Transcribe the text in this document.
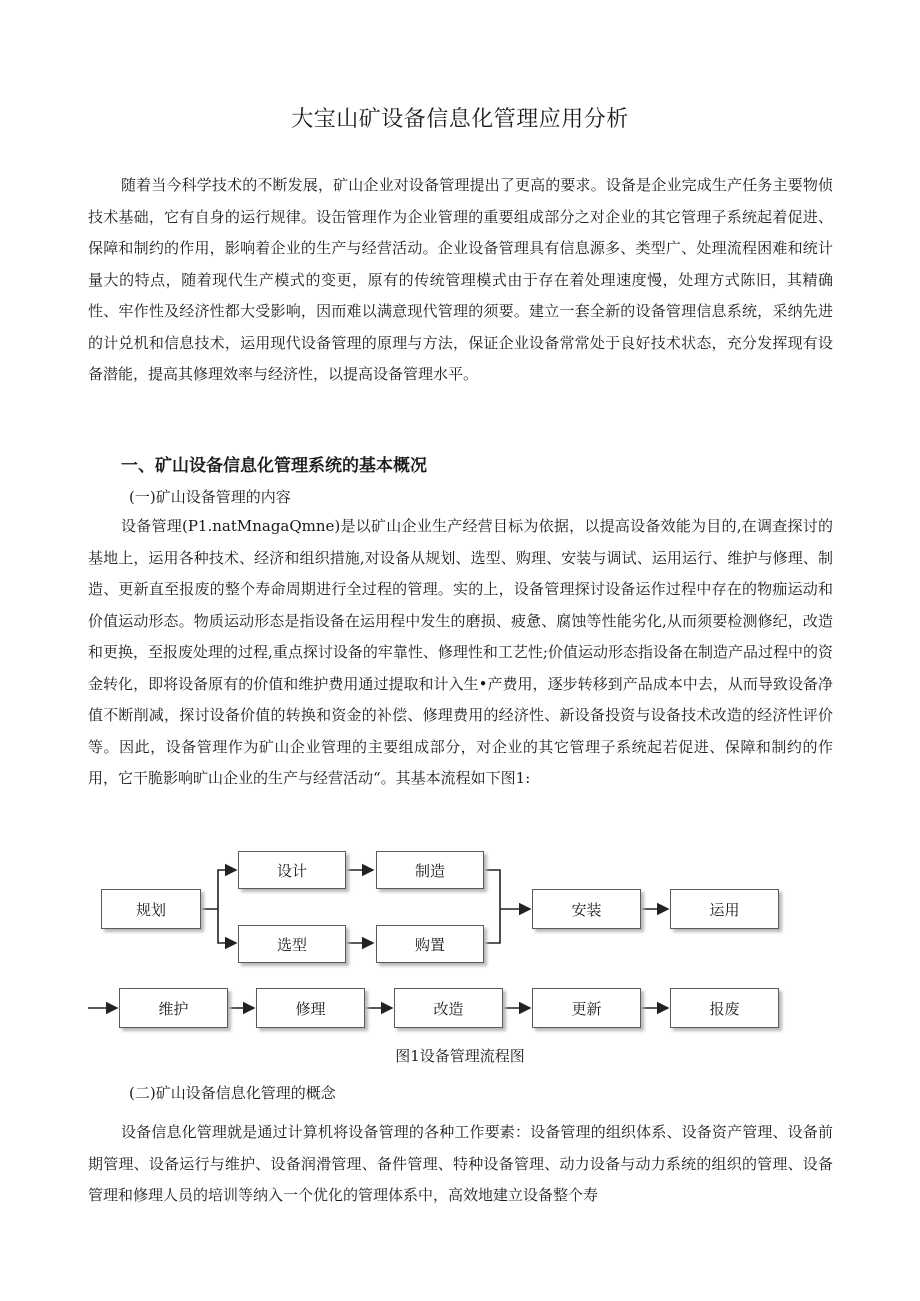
大宝山矿设备信息化管理应用分析

随着当今科学技术的不断发展，矿山企业对设备管理提出了更高的要求。设备是企业完成生产任务主要物侦技术基础，它有自身的运行规律。设缶管理作为企业管理的重要组成部分之对企业的其它管理子系统起着促进、保障和制约的作用，影响着企业的生产与经营活动。企业设备管理具有信息源多、类型广、处理流程困难和统计量大的特点，随着现代生产模式的变更，原有的传统管理模式由于存在着处理速度慢，处理方式陈旧，其精确性、牢作性及经济性都大受影响，因而难以满意现代管理的须要。建立一套全新的设备管理信息系统，采纳先进的计兑机和信息技术，运用现代设备管理的原理与方法，保证企业设备常常处于良好技术状态，充分发挥现有设备潜能，提高其修理效率与经济性，以提高设备管理水平。

一、矿山设备信息化管理系统的基本概况
(一)矿山设备管理的内容

设备管理(P1.natMnagaQmne)是以矿山企业生产经营目标为依据，以提高设备效能为目的,在调查探讨的基地上，运用各种技术、经济和组织措施,对设备从规划、选型、购理、安装与调试、运用运行、维护与修理、制造、更新直至报废的整个寿命周期进行全过程的管理。实的上，设备管理探讨设备运作过程中存在的物痂运动和价值运动形态。物质运动形态是指设备在运用程中发生的磨损、疲惫、腐蚀等性能劣化,从而须要检测修纪，改造和更换，至报废处理的过程,重点探讨设备的牢靠性、修理性和工艺性;价值运动形态指设备在制造产品过程中的资金转化，即将设备原有的价值和维护费用通过提取和计入生•产费用，逐步转移到产品成本中去，从而导致设备净值不断削减，探讨设备价值的转换和资金的补偿、修理费用的经济性、新设备投资与设备技术改造的经济性评价等。因此，设备管理作为矿山企业管理的主要组成部分，对企业的其它管理子系统起若促进、保障和制约的作用，它干脆影响旷山企业的生产与经营活动“。其基本流程如下图1:

规划
设计	制造
选型	购置
安装	运用
维护	修理	改造	更新	报废
图1设备管理流程图
(二)矿山设备信息化管理的概念

设备信息化管理就是通过计算机将设备管理的各种工作要素：设备管理的组织体系、设备资产管理、设备前期管理、设备运行与维护、设备润滑管理、备件管理、特种设备管理、动力设备与动力系统的组织的管理、设备管理和修理人员的培训等纳入一个优化的管理体系中，高效地建立设备整个寿
